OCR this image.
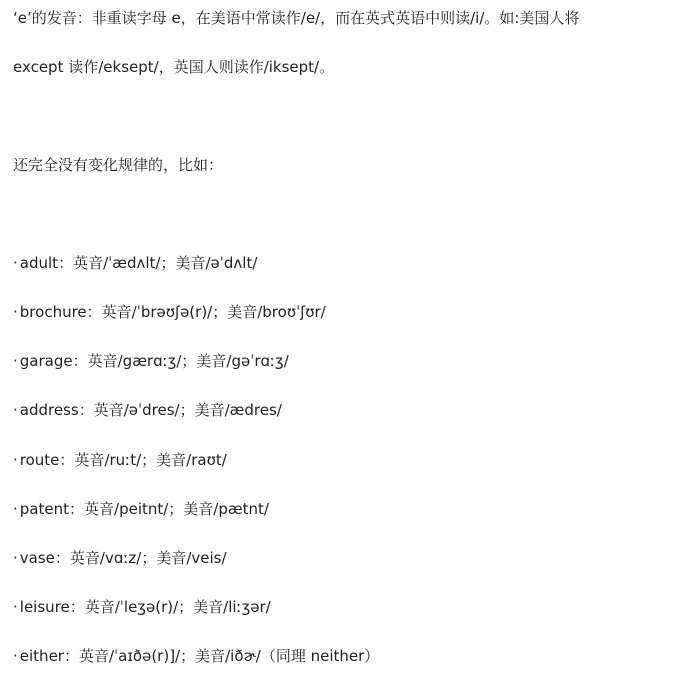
‘e’的发音：非重读字母 e，在美语中常读作/e/，而在英式英语中则读/i/。如:美国人将
except 读作/eksept/，英国人则读作/iksept/。
还完全没有变化规律的，比如：
· adult：英音/ˈædʌlt/；美音/əˈdʌlt/
· brochure：英音/ˈbrəʊʃə(r)/；美音/broʊˈʃʊr/
· garage：英音/gærɑːʒ/；美音/gəˈrɑːʒ/
· address：英音/əˈdres/；美音/ædres/
· route：英音/ruːt/；美音/raʊt/
· patent：英音/peitnt/；美音/pætnt/
· vase：英音/vɑːz/；美音/veis/
· leisure：英音/ˈleʒə(r)/；美音/liːʒər/
· either：英音/ˈaɪðə(r)]/；美音/iðɚ/（同理 neither）
